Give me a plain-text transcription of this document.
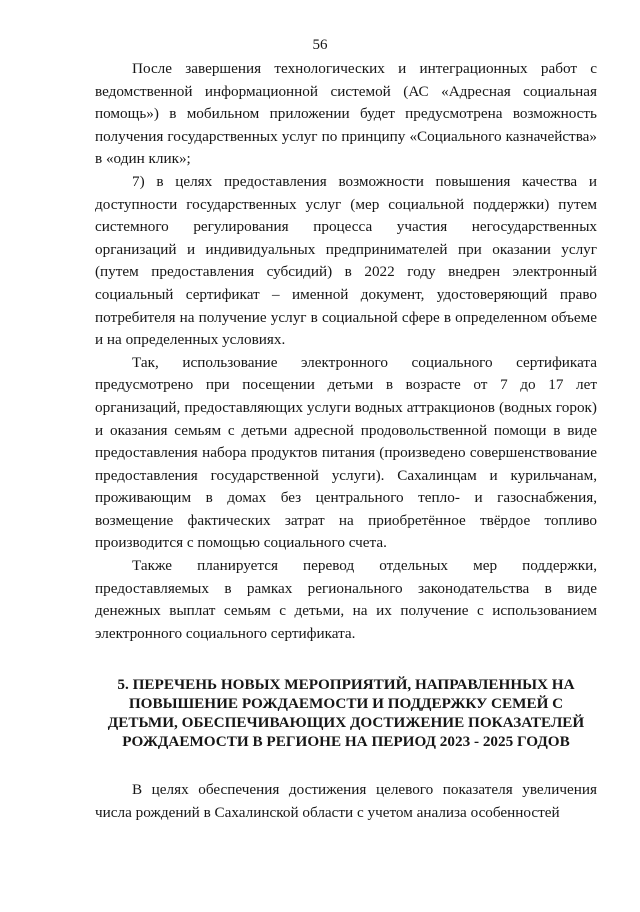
56

После завершения технологических и интеграционных работ с ведомственной информационной системой (АС «Адресная социальная помощь») в мобильном приложении будет предусмотрена возможность получения государственных услуг по принципу «Социального казначейства» в «один клик»;

7) в целях предоставления возможности повышения качества и доступности государственных услуг (мер социальной поддержки) путем системного регулирования процесса участия негосударственных организаций и индивидуальных предпринимателей при оказании услуг (путем предоставления субсидий) в 2022 году внедрен электронный социальный сертификат – именной документ, удостоверяющий право потребителя на получение услуг в социальной сфере в определенном объеме и на определенных условиях.

Так, использование электронного социального сертификата предусмотрено при посещении детьми в возрасте от 7 до 17 лет организаций, предоставляющих услуги водных аттракционов (водных горок) и оказания семьям с детьми адресной продовольственной помощи в виде предоставления набора продуктов питания (произведено совершенствование предоставления государственной услуги). Сахалинцам и курильчанам, проживающим в домах без центрального тепло- и газоснабжения, возмещение фактических затрат на приобретённое твёрдое топливо производится с помощью социального счета.

Также планируется перевод отдельных мер поддержки, предоставляемых в рамках регионального законодательства в виде денежных выплат семьям с детьми, на их получение с использованием электронного социального сертификата.

5. ПЕРЕЧЕНЬ НОВЫХ МЕРОПРИЯТИЙ, НАПРАВЛЕННЫХ НА ПОВЫШЕНИЕ РОЖДАЕМОСТИ И ПОДДЕРЖКУ СЕМЕЙ С ДЕТЬМИ, ОБЕСПЕЧИВАЮЩИХ ДОСТИЖЕНИЕ ПОКАЗАТЕЛЕЙ РОЖДАЕМОСТИ В РЕГИОНЕ НА ПЕРИОД 2023 - 2025 ГОДОВ

В целях обеспечения достижения целевого показателя увеличения числа рождений в Сахалинской области с учетом анализа особенностей
